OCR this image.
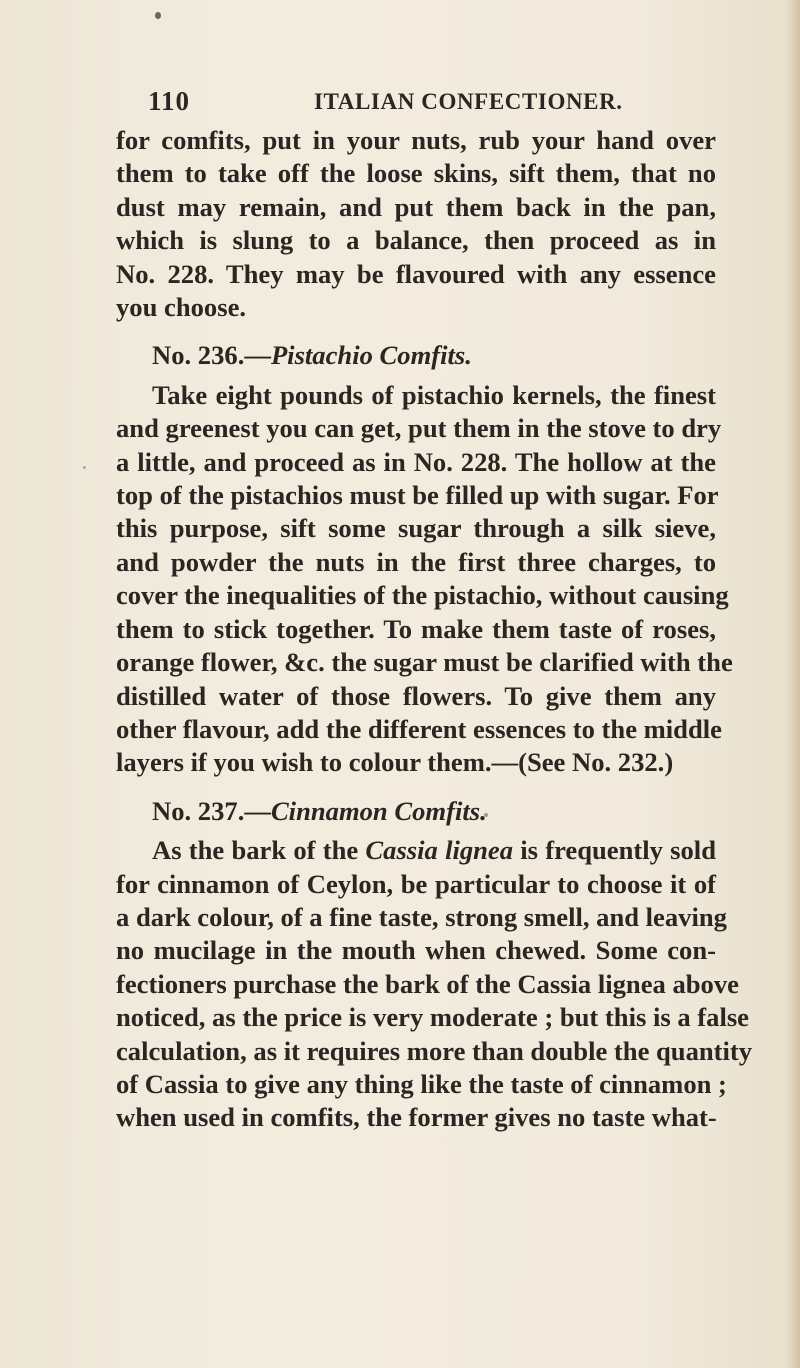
110	ITALIAN CONFECTIONER.
for comfits, put in your nuts, rub your hand over
them to take off the loose skins, sift them, that no
dust may remain, and put them back in the pan,
which is slung to a balance, then proceed as in
No. 228. They may be flavoured with any essence
you choose.
No. 236.—Pistachio Comfits.
Take eight pounds of pistachio kernels, the finest
and greenest you can get, put them in the stove to dry
a little, and proceed as in No. 228. The hollow at the
top of the pistachios must be filled up with sugar. For
this purpose, sift some sugar through a silk sieve,
and powder the nuts in the first three charges, to
cover the inequalities of the pistachio, without causing
them to stick together. To make them taste of roses,
orange flower, &c. the sugar must be clarified with the
distilled water of those flowers. To give them any
other flavour, add the different essences to the middle
layers if you wish to colour them.—(See No. 232.)
No. 237.—Cinnamon Comfits.
As the bark of the Cassia lignea is frequently sold
for cinnamon of Ceylon, be particular to choose it of
a dark colour, of a fine taste, strong smell, and leaving
no mucilage in the mouth when chewed. Some con-
fectioners purchase the bark of the Cassia lignea above
noticed, as the price is very moderate ; but this is a false
calculation, as it requires more than double the quantity
of Cassia to give any thing like the taste of cinnamon ;
when used in comfits, the former gives no taste what-
